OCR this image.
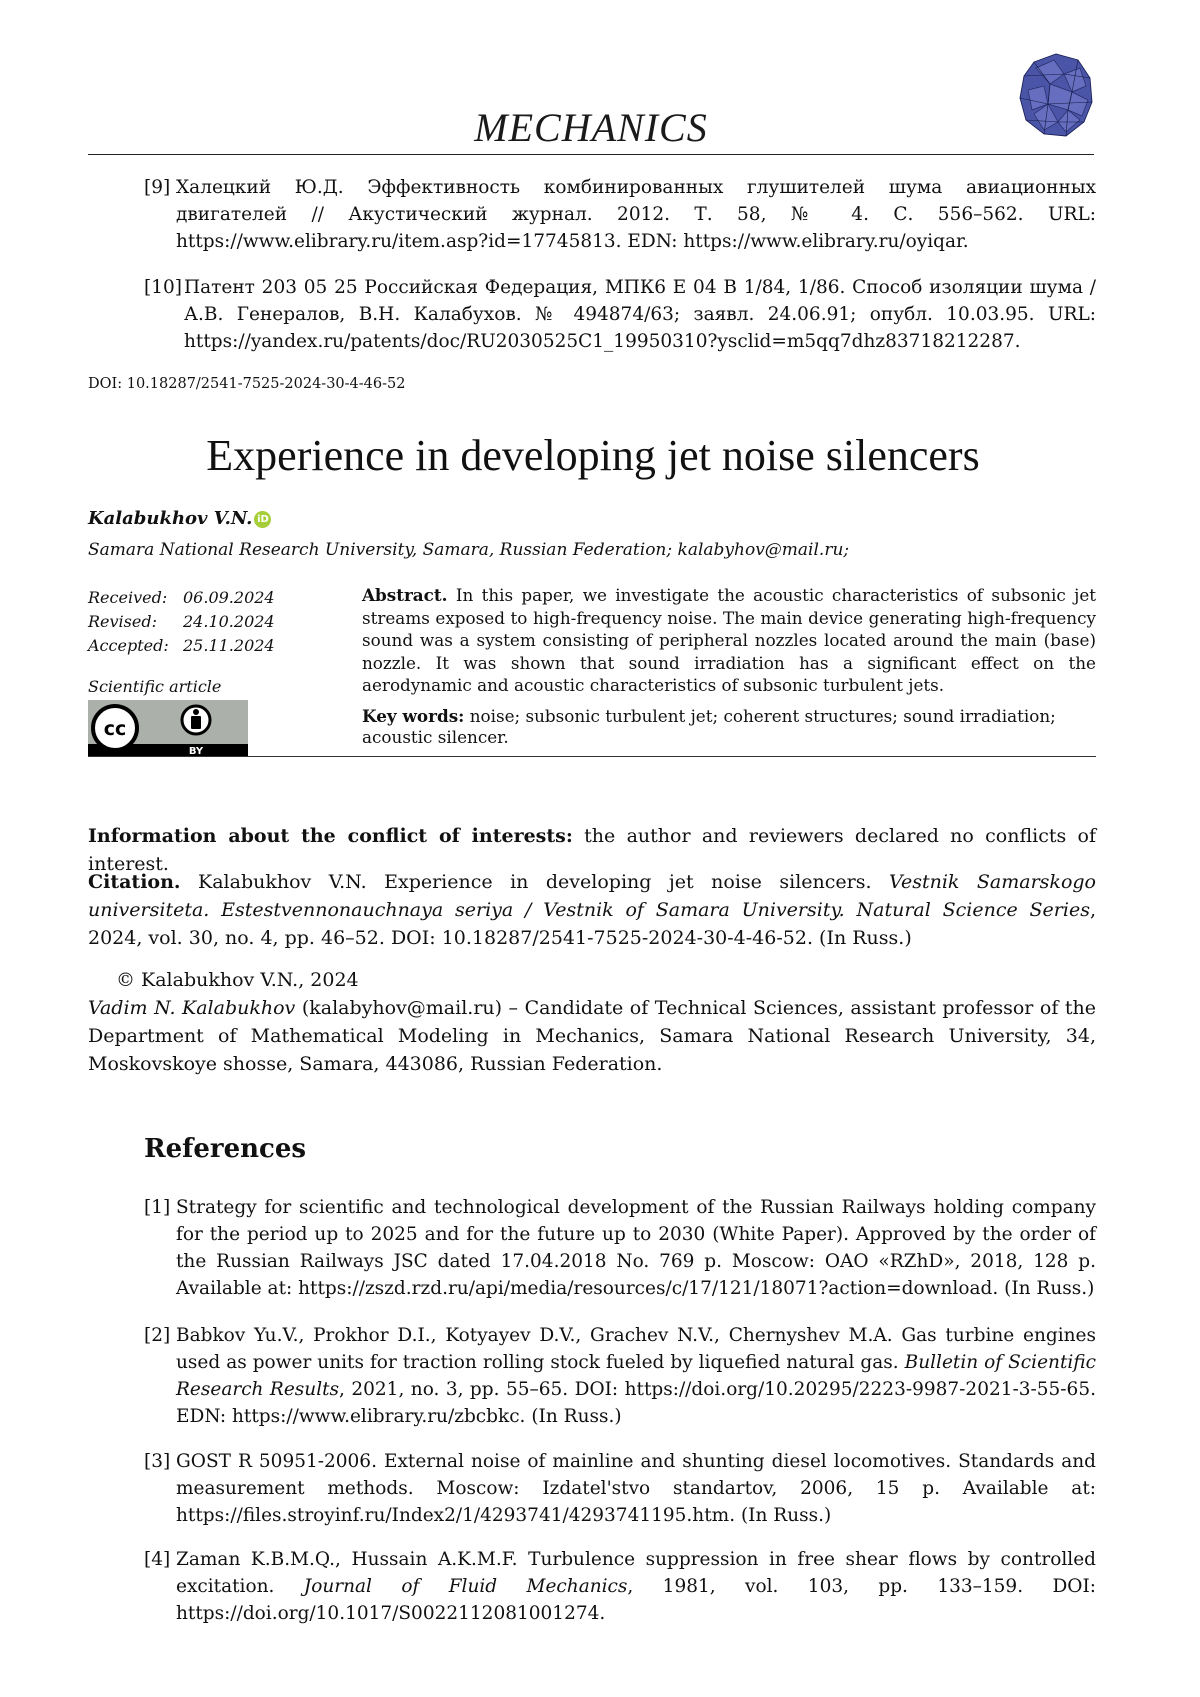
MECHANICS
[9] Халецкий Ю.Д. Эффективность комбинированных глушителей шума авиационных двигателей // Акустический журнал. 2012. Т. 58, № 4. С. 556–562. URL: https://www.elibrary.ru/item.asp?id=17745813. EDN: https://www.elibrary.ru/oyiqar.
[10] Патент 203 05 25 Российская Федерация, МПК6 Е 04 В 1/84, 1/86. Способ изоляции шума / А.В. Генералов, В.Н. Калабухов. № 494874/63; заявл. 24.06.91; опубл. 10.03.95. URL: https://yandex.ru/patents/doc/RU2030525C1_19950310?ysclid=m5qq7dhz83718212287.
DOI: 10.18287/2541-7525-2024-30-4-46-52
Experience in developing jet noise silencers
Kalabukhov V.N. iD
Samara National Research University, Samara, Russian Federation; kalabyhov@mail.ru;
Received: 06.09.2024
Revised:	24.10.2024
Accepted: 25.11.2024
Scientific article
cc
BY
Abstract. In this paper, we investigate the acoustic characteristics of subsonic jet streams exposed to high-frequency noise. The main device generating high-frequency sound was a system consisting of peripheral nozzles located around the main (base) nozzle. It was shown that sound irradiation has a significant effect on the aerodynamic and acoustic characteristics of subsonic turbulent jets.
Key words: noise; subsonic turbulent jet; coherent structures; sound irradiation; acoustic silencer.
Information about the conflict of interests: the author and reviewers declared no conflicts of interest.
Citation. Kalabukhov V.N. Experience in developing jet noise silencers. Vestnik Samarskogo universiteta. Estestvennonauchnaya seriya / Vestnik of Samara University. Natural Science Series, 2024, vol. 30, no. 4, pp. 46–52. DOI: 10.18287/2541-7525-2024-30-4-46-52. (In Russ.)
© Kalabukhov V.N., 2024
Vadim N. Kalabukhov (kalabyhov@mail.ru) – Candidate of Technical Sciences, assistant professor of the Department of Mathematical Modeling in Mechanics, Samara National Research University, 34, Moskovskoye shosse, Samara, 443086, Russian Federation.
References
[1] Strategy for scientific and technological development of the Russian Railways holding company for the period up to 2025 and for the future up to 2030 (White Paper). Approved by the order of the Russian Railways JSC dated 17.04.2018 No. 769 p. Moscow: OAO «RZhD», 2018, 128 p. Available at: https://zszd.rzd.ru/api/media/resources/c/17/121/18071?action=download. (In Russ.)
[2] Babkov Yu.V., Prokhor D.I., Kotyayev D.V., Grachev N.V., Chernyshev M.A. Gas turbine engines used as power units for traction rolling stock fueled by liquefied natural gas. Bulletin of Scientific Research Results, 2021, no. 3, pp. 55–65. DOI: https://doi.org/10.20295/2223-9987-2021-3-55-65. EDN: https://www.elibrary.ru/zbcbkc. (In Russ.)
[3] GOST R 50951-2006. External noise of mainline and shunting diesel locomotives. Standards and measurement methods. Moscow: Izdatel'stvo standartov, 2006, 15 p. Available at: https://files.stroyinf.ru/Index2/1/4293741/4293741195.htm. (In Russ.)
[4] Zaman K.B.M.Q., Hussain A.K.M.F. Turbulence suppression in free shear flows by controlled excitation. Journal of Fluid Mechanics, 1981, vol. 103, pp. 133–159. DOI: https://doi.org/10.1017/S0022112081001274.
